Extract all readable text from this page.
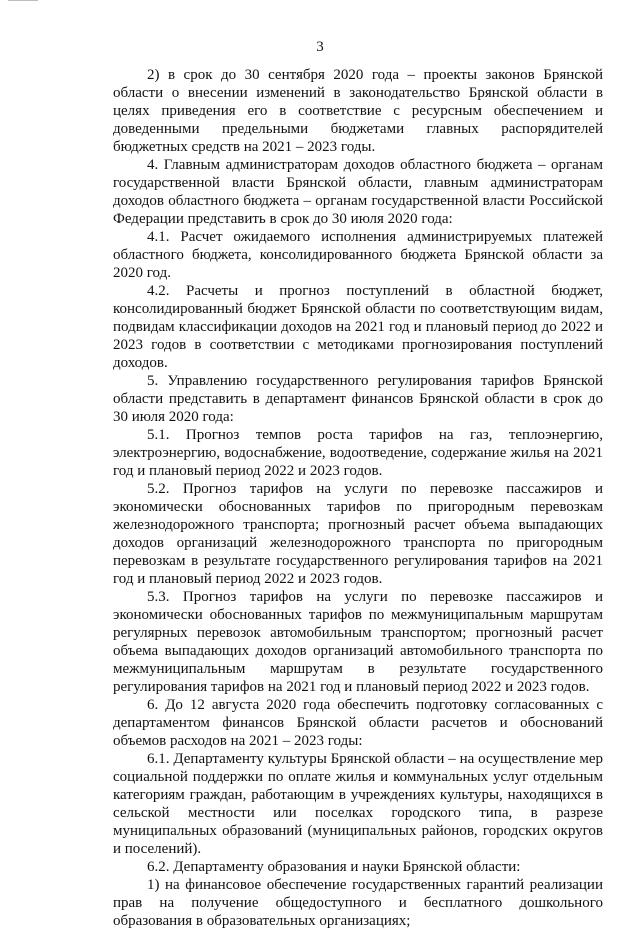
3

2) в срок до 30 сентября 2020 года – проекты законов Брянской области о внесении изменений в законодательство Брянской области в целях приведения его в соответствие с ресурсным обеспечением и доведенными предельными бюджетами главных распорядителей бюджетных средств на 2021 – 2023 годы.

4. Главным администраторам доходов областного бюджета – органам государственной власти Брянской области, главным администраторам доходов областного бюджета – органам государственной власти Российской Федерации представить в срок до 30 июля 2020 года:

4.1. Расчет ожидаемого исполнения администрируемых платежей областного бюджета, консолидированного бюджета Брянской области за 2020 год.

4.2. Расчеты и прогноз поступлений в областной бюджет, консолидированный бюджет Брянской области по соответствующим видам, подвидам классификации доходов на 2021 год и плановый период до 2022 и 2023 годов в соответствии с методиками прогнозирования поступлений доходов.

5. Управлению государственного регулирования тарифов Брянской области представить в департамент финансов Брянской области в срок до 30 июля 2020 года:

5.1. Прогноз темпов роста тарифов на газ, теплоэнергию, электроэнергию, водоснабжение, водоотведение, содержание жилья на 2021 год и плановый период 2022 и 2023 годов.

5.2. Прогноз тарифов на услуги по перевозке пассажиров и экономически обоснованных тарифов по пригородным перевозкам железнодорожного транспорта; прогнозный расчет объема выпадающих доходов организаций железнодорожного транспорта по пригородным перевозкам в результате государственного регулирования тарифов на 2021 год и плановый период 2022 и 2023 годов.

5.3. Прогноз тарифов на услуги по перевозке пассажиров и экономически обоснованных тарифов по межмуниципальным маршрутам регулярных перевозок автомобильным транспортом; прогнозный расчет объема выпадающих доходов организаций автомобильного транспорта по межмуниципальным маршрутам в результате государственного регулирования тарифов на 2021 год и плановый период 2022 и 2023 годов.

6. До 12 августа 2020 года обеспечить подготовку согласованных с департаментом финансов Брянской области расчетов и обоснований объемов расходов на 2021 – 2023 годы:

6.1. Департаменту культуры Брянской области – на осуществление мер социальной поддержки по оплате жилья и коммунальных услуг отдельным категориям граждан, работающим в учреждениях культуры, находящихся в сельской местности или поселках городского типа, в разрезе муниципальных образований (муниципальных районов, городских округов и поселений).

6.2. Департаменту образования и науки Брянской области:

1) на финансовое обеспечение государственных гарантий реализации прав на получение общедоступного и бесплатного дошкольного образования в образовательных организациях;
